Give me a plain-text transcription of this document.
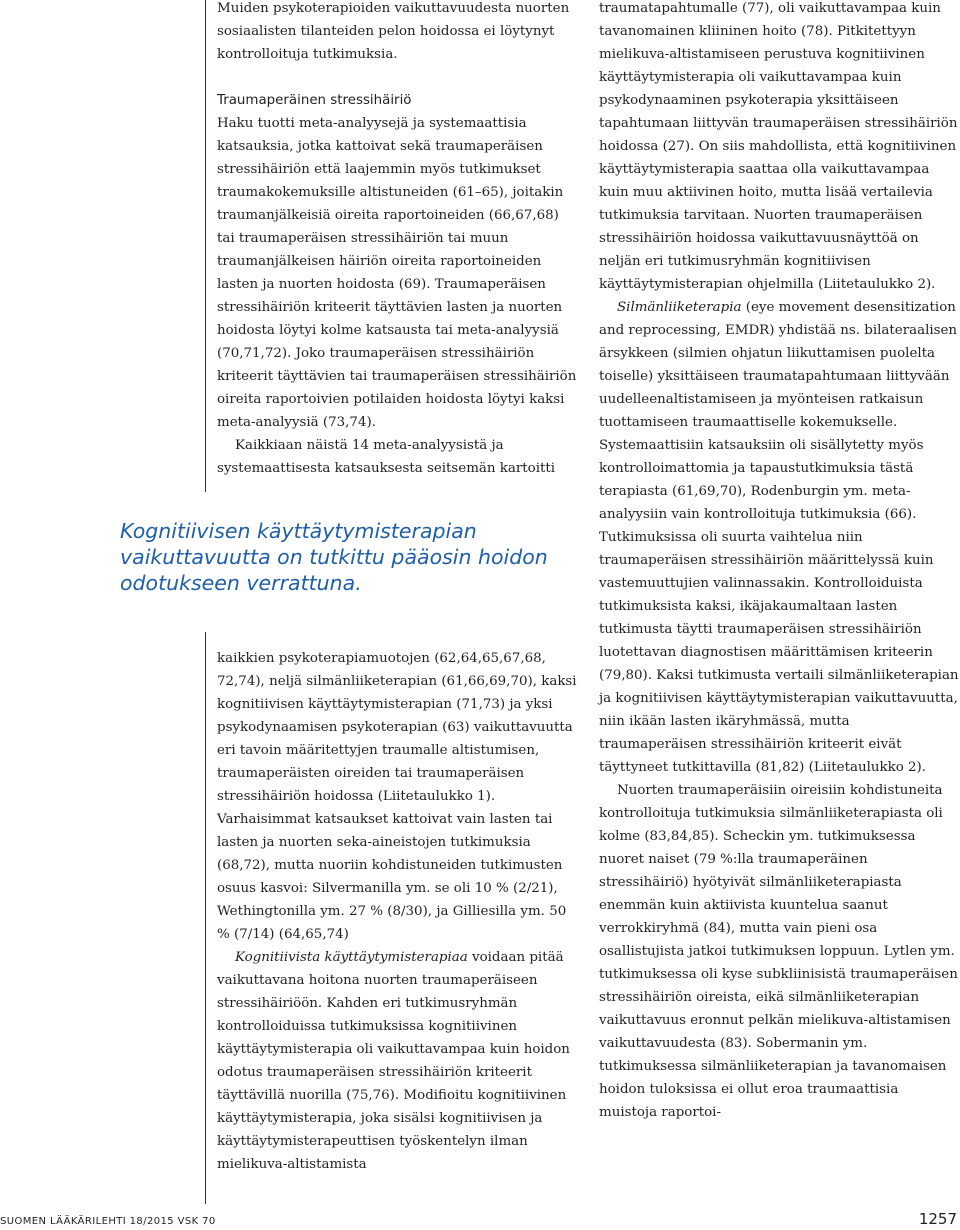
Muiden psykoterapioiden vaikuttavuudesta nuorten sosiaalisten tilanteiden pelon hoidossa ei löytynyt kontrolloituja tutkimuksia.

Traumaperäinen stressihäiriö

Haku tuotti meta-analyysejä ja systemaattisia katsauksia, jotka kattoivat sekä traumaperäisen stressihäiriön että laajemmin myös tutkimukset traumakokemuksille altistuneiden (61–65), joitakin traumanjälkeisiä oireita raportoineiden (66,67,68) tai traumaperäisen stressihäiriön tai muun traumanjälkeisen häiriön oireita raportoineiden lasten ja nuorten hoidosta (69). Traumaperäisen stressihäiriön kriteerit täyttävien lasten ja nuorten hoidosta löytyi kolme katsausta tai meta-analyysiä (70,71,72). Joko traumaperäisen stressihäiriön kriteerit täyttävien tai traumaperäisen stressihäiriön oireita raportoivien potilaiden hoidosta löytyi kaksi meta-analyysiä (73,74).

Kaikkiaan näistä 14 meta-analyysistä ja systemaattisesta katsauksesta seitsemän kartoitti

Kognitiivisen käyttäytymisterapian vaikuttavuutta on tutkittu pääosin hoidon odotukseen verrattuna.

kaikkien psykoterapiamuotojen (62,64,65,67,68, 72,74), neljä silmänliiketerapian (61,66,69,70), kaksi kognitiivisen käyttäytymisterapian (71,73) ja yksi psykodynaamisen psykoterapian (63) vaikuttavuutta eri tavoin määritettyjen traumalle altistumisen, traumaperäisten oireiden tai traumaperäisen stressihäiriön hoidossa (Liitetaulukko 1). Varhaisimmat katsaukset kattoivat vain lasten tai lasten ja nuorten seka-aineistojen tutkimuksia (68,72), mutta nuoriin kohdistuneiden tutkimusten osuus kasvoi: Silvermanilla ym. se oli 10 % (2/21), Wethingtonilla ym. 27 % (8/30), ja Gilliesilla ym. 50 % (7/14) (64,65,74)

Kognitiivista käyttäytymisterapiaa voidaan pitää vaikuttavana hoitona nuorten traumaperäiseen stressihäiriöön. Kahden eri tutkimusryhmän kontrolloiduissa tutkimuksissa kognitiivinen käyttäytymisterapia oli vaikuttavampaa kuin hoidon odotus traumaperäisen stressihäiriön kriteerit täyttävillä nuorilla (75,76). Modifioitu kognitiivinen käyttäytymisterapia, joka sisälsi kognitiivisen ja käyttäytymisterapeuttisen työskentelyn ilman mielikuva-altistamista

traumatapahtumalle (77), oli vaikuttavampaa kuin tavanomainen kliininen hoito (78). Pitkitettyyn mielikuva-altistamiseen perustuva kognitiivinen käyttäytymisterapia oli vaikuttavampaa kuin psykodynaaminen psykoterapia yksittäiseen tapahtumaan liittyvän traumaperäisen stressihäiriön hoidossa (27). On siis mahdollista, että kognitiivinen käyttäytymisterapia saattaa olla vaikuttavampaa kuin muu aktiivinen hoito, mutta lisää vertailevia tutkimuksia tarvitaan. Nuorten traumaperäisen stressihäiriön hoidossa vaikuttavuusnäyttöä on neljän eri tutkimusryhmän kognitiivisen käyttäytymisterapian ohjelmilla (Liitetaulukko 2).

Silmänliiketerapia (eye movement desensitization and reprocessing, EMDR) yhdistää ns. bilateraalisen ärsykkeen (silmien ohjatun liikuttamisen puolelta toiselle) yksittäiseen traumatapahtumaan liittyvään uudelleenaltistamiseen ja myönteisen ratkaisun tuottamiseen traumaattiselle kokemukselle. Systemaattisiin katsauksiin oli sisällytetty myös kontrolloimattomia ja tapaustutkimuksia tästä terapiasta (61,69,70), Rodenburgin ym. meta-analyysiin vain kontrolloituja tutkimuksia (66). Tutkimuksissa oli suurta vaihtelua niin traumaperäisen stressihäiriön määrittelyssä kuin vastemuuttujien valinnassakin. Kontrolloiduista tutkimuksista kaksi, ikäjakaumaltaan lasten tutkimusta täytti traumaperäisen stressihäiriön luotettavan diagnostisen määrittämisen kriteerin (79,80). Kaksi tutkimusta vertaili silmänliiketerapian ja kognitiivisen käyttäytymisterapian vaikuttavuutta, niin ikään lasten ikäryhmässä, mutta traumaperäisen stressihäiriön kriteerit eivät täyttyneet tutkittavilla (81,82) (Liitetaulukko 2).

Nuorten traumaperäisiin oireisiin kohdistuneita kontrolloituja tutkimuksia silmänliiketerapiasta oli kolme (83,84,85). Scheckin ym. tutkimuksessa nuoret naiset (79 %:lla traumaperäinen stressihäiriö) hyötyivät silmänliiketerapiasta enemmän kuin aktiivista kuuntelua saanut verrokkiryhmä (84), mutta vain pieni osa osallistujista jatkoi tutkimuksen loppuun. Lytlen ym. tutkimuksessa oli kyse subkliinisistä traumaperäisen stressihäiriön oireista, eikä silmänliiketerapian vaikuttavuus eronnut pelkän mielikuva-altistamisen vaikuttavuudesta (83). Sobermanin ym. tutkimuksessa silmänliiketerapian ja tavanomaisen hoidon tuloksissa ei ollut eroa traumaattisia muistoja raportoi-

SUOMEN LÄÄKÄRILEHTI 18/2015 VSK 70	1257
